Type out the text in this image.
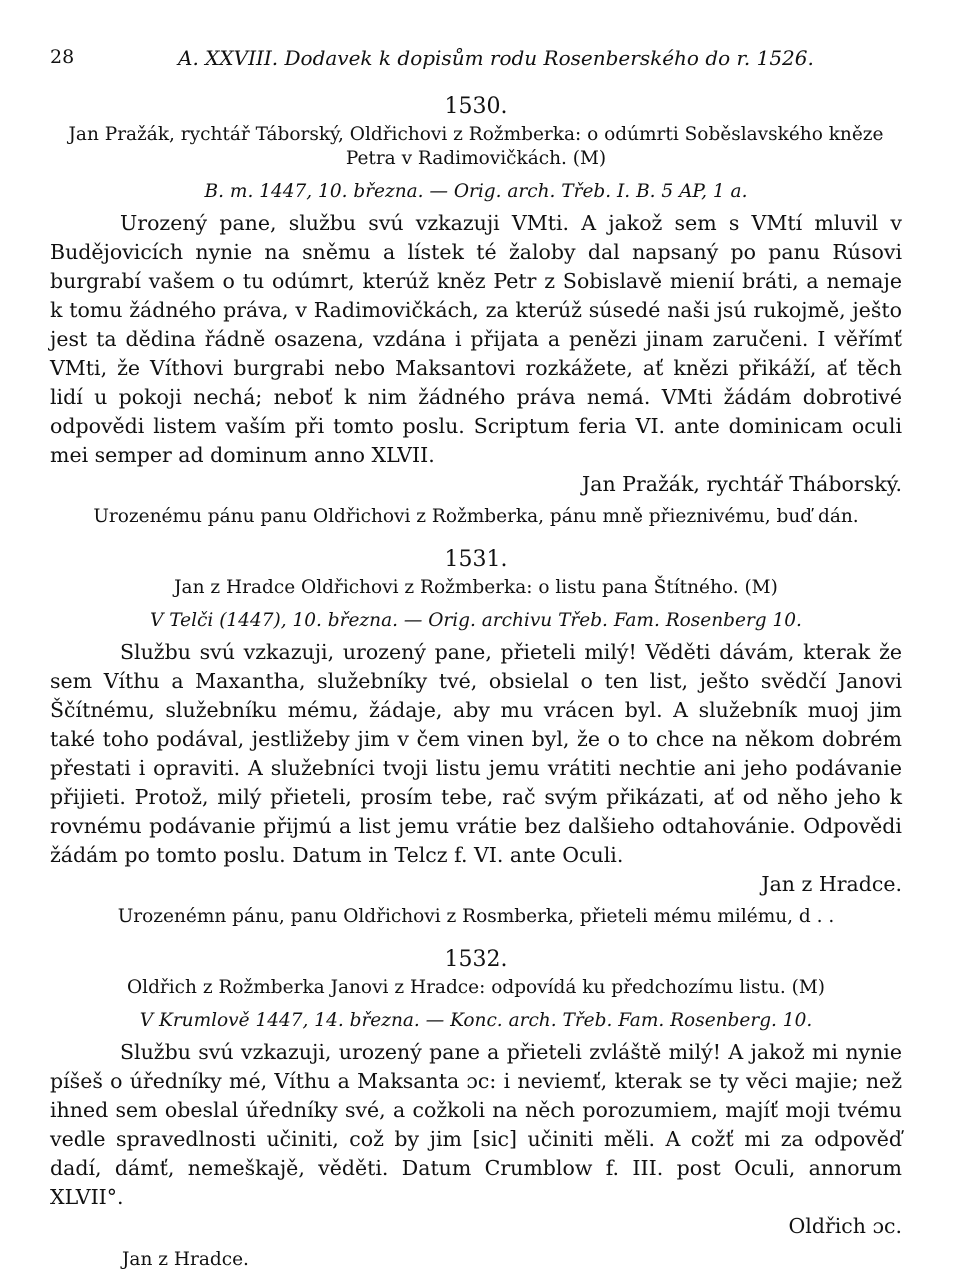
28	A. XXVIII. Dodavek k dopisům rodu Rosenberského do r. 1526.
1530.
Jan Pražák, rychtář Táborský, Oldřichovi z Rožmberka: o odúmrti Soběslavského kněze Petra v Radimovičkách. (M)
B. m. 1447, 10. března. — Orig. arch. Třeb. I. B. 5 AP, 1 a.

Urozený pane, službu svú vzkazuji VMti. A jakož sem s VMtí mluvil v Budějovicích nynie na sněmu a lístek té žaloby dal napsaný po panu Rúsovi burgrabí vašem o tu odúmrt, kterúž kněz Petr z Sobislavě mienií bráti, a nemaje k tomu žádného práva, v Radimovičkách, za kterúž súsedé naši jsú rukojmě, ješto jest ta dědina řádně osazena, vzdána i přijata a penězi jinam zaručeni. I věřímť VMti, že Víthovi burgrabi nebo Maksantovi rozkážete, ať knězi přikáží, ať těch lidí u pokoji nechá; neboť k nim žádného práva nemá. VMti žádám dobrotivé odpovědi listem vaším při tomto poslu. Scriptum feria VI. ante dominicam oculi mei semper ad dominum anno XLVII.

Jan Pražák, rychtář Tháborský.
Urozenému pánu panu Oldřichovi z Rožmberka, pánu mně přieznivému, buď dán.
1531.
Jan z Hradce Oldřichovi z Rožmberka: o listu pana Štítného. (M)
V Telči (1447), 10. března. — Orig. archivu Třeb. Fam. Rosenberg 10.

Službu svú vzkazuji, urozený pane, přieteli milý! Věděti dávám, kterak že sem Víthu a Maxantha, služebníky tvé, obsielal o ten list, ješto svědčí Janovi Ščítnému, služebníku mému, žádaje, aby mu vrácen byl. A služebník muoj jim také toho podával, jestližeby jim v čem vinen byl, že o to chce na někom dobrém přestati i opraviti. A služebníci tvoji listu jemu vrátiti nechtie ani jeho podávanie přijieti. Protož, milý přieteli, prosím tebe, rač svým přikázati, ať od něho jeho k rovnému podávanie přijmú a list jemu vrátie bez dalšieho odtahovánie. Odpovědi žádám po tomto poslu. Datum in Telcz f. VI. ante Oculi.

Jan z Hradce.
Urozenémn pánu, panu Oldřichovi z Rosmberka, přieteli mému milému, d . .
1532.
Oldřich z Rožmberka Janovi z Hradce: odpovídá ku předchozímu listu. (M)
V Krumlově 1447, 14. března. — Konc. arch. Třeb. Fam. Rosenberg. 10.

Službu svú vzkazuji, urozený pane a přieteli zvláště milý! A jakož mi nynie píšeš o úředníky mé, Víthu a Maksanta ɔc: i neviemť, kterak se ty věci majie; než ihned sem obeslal úředníky své, a cožkoli na něch porozumiem, majíť moji tvému vedle spravedlnosti učiniti, což by jim [sic] učiniti měli. A cožť mi za odpověď dadí, dámť, nemeškajě, věděti. Datum Crumblow f. III. post Oculi, annorum XLVII°.

Oldřich ɔc.
Jan z Hradce.
